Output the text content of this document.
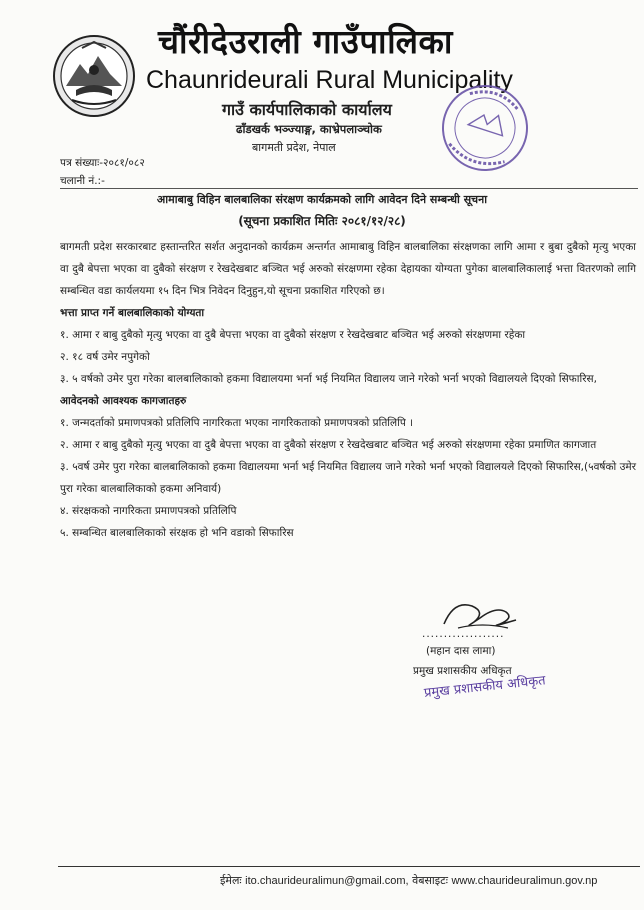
चौंरीदेउराली गाउँपालिका
Chaunrideurali Rural Municipality
गाउँ कार्यपालिकाको कार्यालय
ढाँडखर्क भञ्ज्याङ्ग, काभ्रेपलाञ्चोक
बागमती प्रदेश, नेपाल
पत्र संख्याः-२०८१/०८२
चलानी नं.:-
आमाबाबु विहिन बालबालिका संरक्षण कार्यक्रमको लागि आवेदन दिने सम्बन्धी सूचना
(सूचना प्रकाशित मितिः २०८१/१२/२८)

बागमती प्रदेश सरकारबाट हस्तान्तरित सर्शत अनुदानको कार्यक्रम अन्तर्गत आमाबाबु विहिन बालबालिका संरक्षणका लागि आमा र बुबा दुबैको मृत्यु भएका वा दुबै बेपत्ता भएका वा दुबैको संरक्षण र रेखदेखबाट बञ्चित भई अरुको संरक्षणमा रहेका देहायका योग्यता पुगेका बालबालिकालाई भत्ता वितरणको लागि सम्बन्धित वडा कार्यलयमा १५ दिन भित्र निवेदन दिनुहुन,यो सूचना प्रकाशित गरिएको छ।

भत्ता प्राप्त गर्ने बालबालिकाको योग्यता

१. आमा र बाबु दुबैको मृत्यु भएका वा दुबै बेपत्ता भएका वा दुबैको संरक्षण र रेखदेखबाट बञ्चित भई अरुको संरक्षणमा रहेका

२. १८ वर्ष उमेर नपुगेको

३. ५ वर्षको उमेर पुरा गरेका बालबालिकाको हकमा विद्यालयमा भर्ना भई नियमित विद्यालय जाने गरेको भर्ना भएको विद्यालयले दिएको सिफारिस,

आवेदनको आवश्यक कागजातहरु

१. जन्मदर्ताको प्रमाणपत्रको प्रतिलिपि नागरिकता भएका नागरिकताको प्रमाणपत्रको प्रतिलिपि ।

२. आमा र बाबु दुबैको मृत्यु भएका वा दुबै बेपत्ता भएका वा दुबैको संरक्षण र रेखदेखबाट बञ्चित भई अरुको संरक्षणमा रहेका प्रमाणित कागजात

३. ५वर्ष उमेर पुरा गरेका बालबालिकाको हकमा विद्यालयमा भर्ना भई नियमित विद्यालय जाने गरेको भर्ना भएको विद्यालयले दिएको सिफारिस,(५वर्षको उमेर पुरा गरेका बालबालिकाको हकमा अनिवार्य)

४. संरक्षकको नागरिकता प्रमाणपत्रको प्रतिलिपि

५. सम्बन्धित बालबालिकाको संरक्षक हो भनि वडाको सिफारिस

...................
(महान दास लामा)
प्रमुख प्रशासकीय अधिकृत
प्रमुख प्रशासकीय अधिकृत
ईमेलः ito.chaurideuralimun@gmail.com, वेबसाइटः www.chaurideuralimun.gov.np
